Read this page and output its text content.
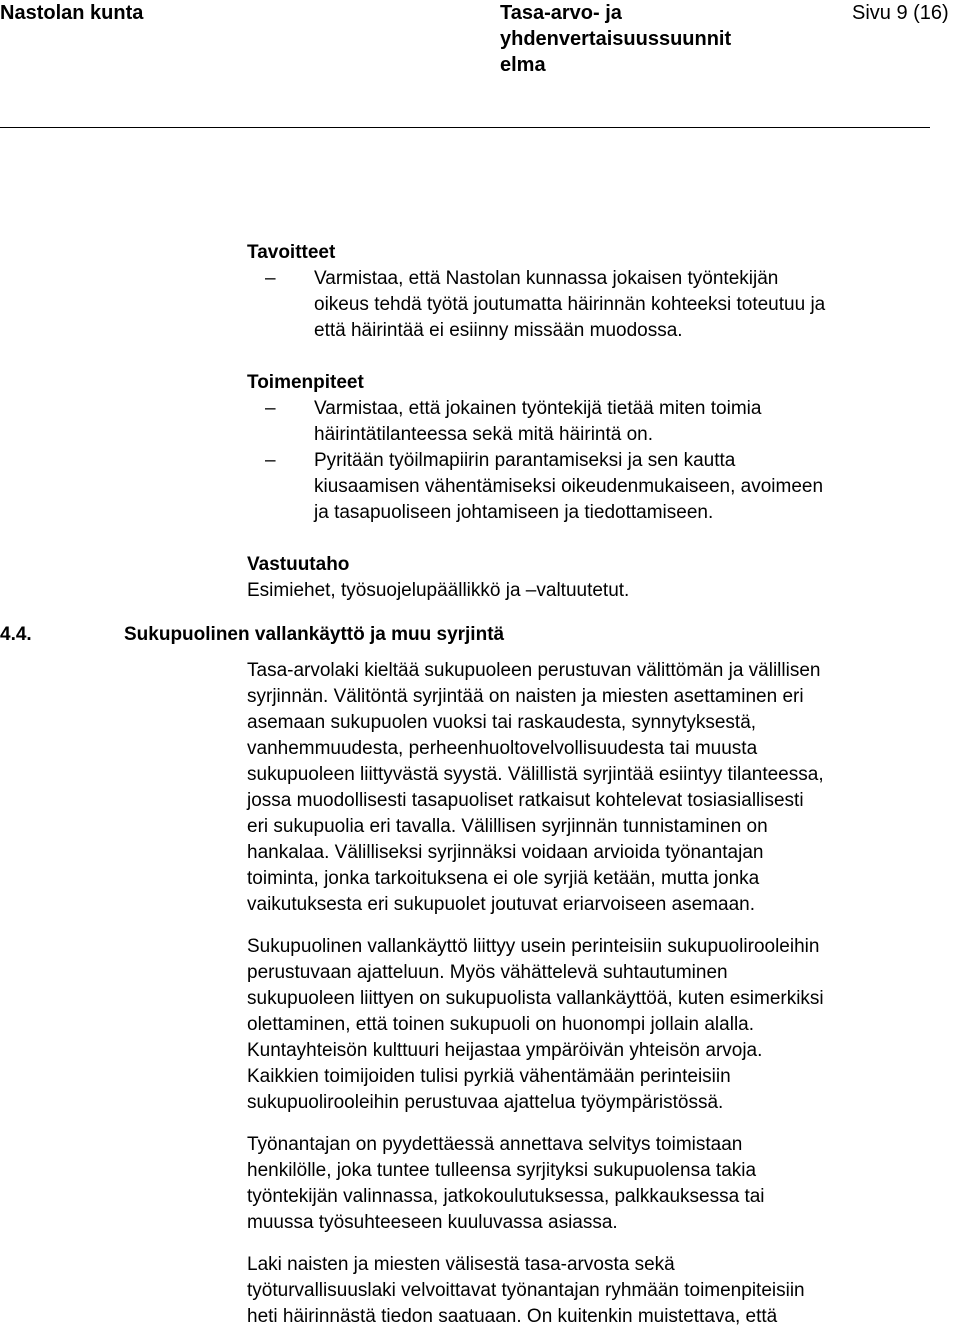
Nastolan kunta	Tasa-arvo- ja
yhdenvertaisuussuunnit
elma
Sivu 9 (16)
Tavoitteet
– Varmistaa, että Nastolan kunnassa jokaisen työntekijän
oikeus tehdä työtä joutumatta häirinnän kohteeksi toteutuu ja
että häirintää ei esiinny missään muodossa.
Toimenpiteet
– Varmistaa, että jokainen työntekijä tietää miten toimia
häirintätilanteessa sekä mitä häirintä on.
– Pyritään työilmapiirin parantamiseksi ja sen kautta
kiusaamisen vähentämiseksi oikeudenmukaiseen, avoimeen
ja tasapuoliseen johtamiseen ja tiedottamiseen.
Vastuutaho
Esimiehet, työsuojelupäällikkö ja –valtuutetut.
4.4.	Sukupuolinen vallankäyttö ja muu syrjintä
Tasa-arvolaki kieltää sukupuoleen perustuvan välittömän ja välillisen
syrjinnän. Välitöntä syrjintää on naisten ja miesten asettaminen eri
asemaan sukupuolen vuoksi tai raskaudesta, synnytyksestä,
vanhemmuudesta, perheenhuoltovelvollisuudesta tai muusta
sukupuoleen liittyvästä syystä. Välillistä syrjintää esiintyy tilanteessa,
jossa muodollisesti tasapuoliset ratkaisut kohtelevat tosiasiallisesti
eri sukupuolia eri tavalla. Välillisen syrjinnän tunnistaminen on
hankalaa. Välilliseksi syrjinnäksi voidaan arvioida työnantajan
toiminta, jonka tarkoituksena ei ole syrjiä ketään, mutta jonka
vaikutuksesta eri sukupuolet joutuvat eriarvoiseen asemaan.
Sukupuolinen vallankäyttö liittyy usein perinteisiin sukupuolirooleihin
perustuvaan ajatteluun. Myös vähättelevä suhtautuminen
sukupuoleen liittyen on sukupuolista vallankäyttöä, kuten esimerkiksi
olettaminen, että toinen sukupuoli on huonompi jollain alalla.
Kuntayhteisön kulttuuri heijastaa ympäröivän yhteisön arvoja.
Kaikkien toimijoiden tulisi pyrkiä vähentämään perinteisiin
sukupuolirooleihin perustuvaa ajattelua työympäristössä.
Työnantajan on pyydettäessä annettava selvitys toimistaan
henkilölle, joka tuntee tulleensa syrjityksi sukupuolensa takia
työntekijän valinnassa, jatkokoulutuksessa, palkkauksessa tai
muussa työsuhteeseen kuuluvassa asiassa.
Laki naisten ja miesten välisestä tasa-arvosta sekä
työturvallisuuslaki velvoittavat työnantajan ryhmään toimenpiteisiin
heti häirinnästä tiedon saatuaan. On kuitenkin muistettava, että
